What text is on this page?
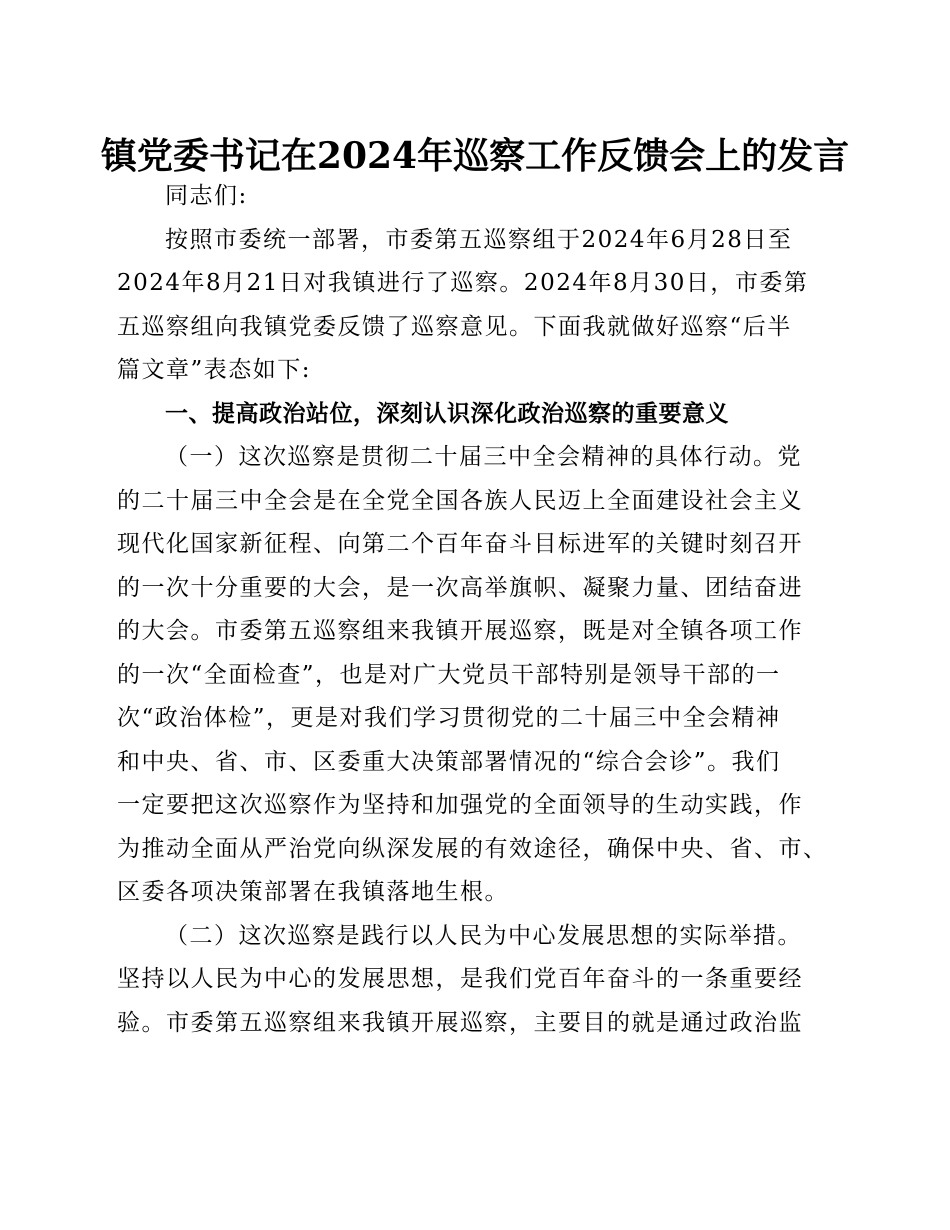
镇党委书记在2024年巡察工作反馈会上的发言
同志们:
按照市委统一部署，市委第五巡察组于2024年6月28日至
2024年8月21日对我镇进行了巡察。2024年8月30日，市委第
五巡察组向我镇党委反馈了巡察意见。下面我就做好巡察“后半
篇文章”表态如下:
一、提高政治站位，深刻认识深化政治巡察的重要意义
（一）这次巡察是贯彻二十届三中全会精神的具体行动。党
的二十届三中全会是在全党全国各族人民迈上全面建设社会主义
现代化国家新征程、向第二个百年奋斗目标进军的关键时刻召开
的一次十分重要的大会，是一次高举旗帜、凝聚力量、团结奋进
的大会。市委第五巡察组来我镇开展巡察，既是对全镇各项工作
的一次“全面检查”，也是对广大党员干部特别是领导干部的一
次“政治体检”，更是对我们学习贯彻党的二十届三中全会精神
和中央、省、市、区委重大决策部署情况的“综合会诊”。我们
一定要把这次巡察作为坚持和加强党的全面领导的生动实践，作
为推动全面从严治党向纵深发展的有效途径，确保中央、省、市、
区委各项决策部署在我镇落地生根。
（二）这次巡察是践行以人民为中心发展思想的实际举措。
坚持以人民为中心的发展思想，是我们党百年奋斗的一条重要经
验。市委第五巡察组来我镇开展巡察，主要目的就是通过政治监
